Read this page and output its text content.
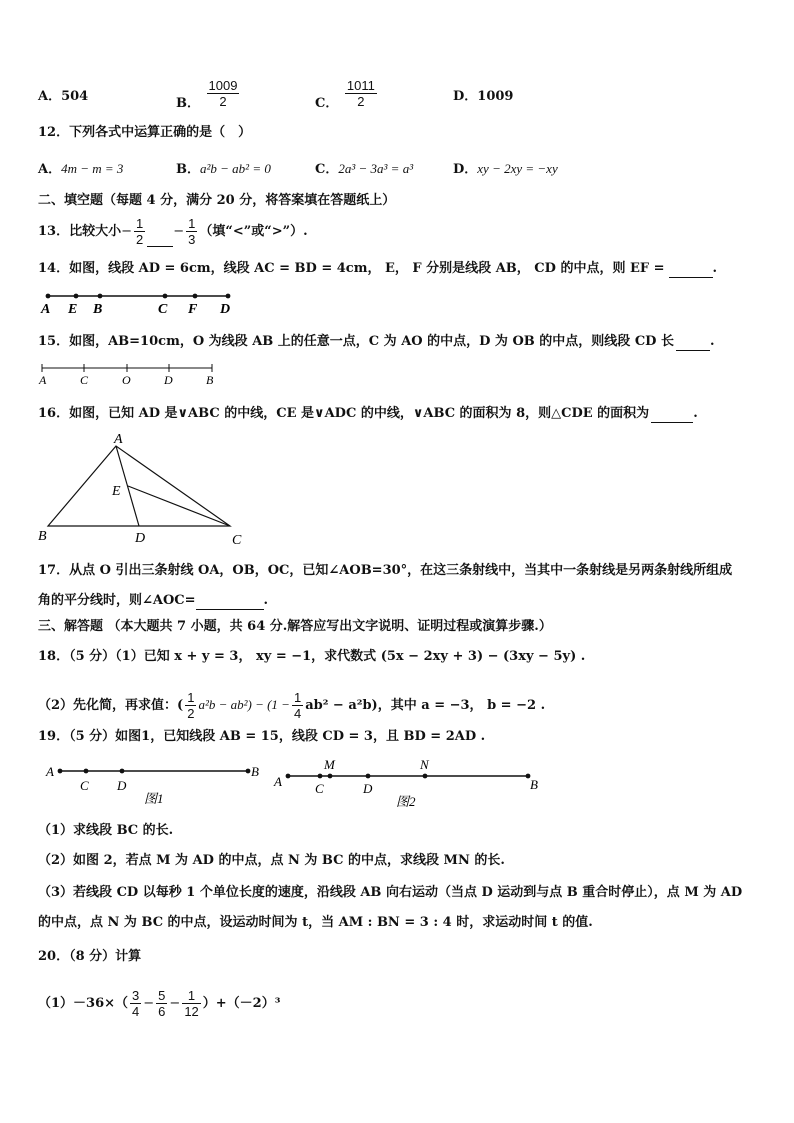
A．504	B． $\frac{1009}{2}$	C． $\frac{1011}{2}$	D．1009
12．下列各式中运算正确的是（　）
A．4m − m = 3	B．a²b − ab² = 0	C．2a³ − 3a³ = a³	D．xy − 2xy = −xy
二、填空题（每题 4 分，满分 20 分，将答案填在答题纸上）
13．比较大小− $\frac{1}{2} - \frac{1}{3}$ （填“<”或“>”）.
14．如图，线段 AD = 6cm，线段 AC = BD = 4cm， E， F 分别是线段 AB， CD 的中点，则 EF =	.
A E B	C F D
15．如图，AB=10cm，O 为线段 AB 上的任意一点，C 为 AO 的中点，D 为 OB 的中点，则线段 CD 长	.
A	C	O	D	B
16．如图，已知 AD 是∨ABC 的中线，CE 是∨ADC 的中线，∨ABC 的面积为 8，则△CDE 的面积为	.
A
E
B	D	C
17．从点 O 引出三条射线 OA，OB，OC，已知∠AOB=30°，在这三条射线中，当其中一条射线是另两条射线所组成
角的平分线时，则∠AOC=	.
三、解答题 （本大题共 7 小题，共 64 分.解答应写出文字说明、证明过程或演算步骤.）
18．（5 分）（1）已知 x + y = 3， xy = −1，求代数式 (5x − 2xy + 3) − (3xy − 5y) .
（2）先化简，再求值：( $\frac{1}{2} a^2b - ab^2) - (1 - \frac{1}{4} ab^2 - a^2b)$，其中 a = −3， b = −2 .
19．（5 分）如图1，已知线段 AB = 15，线段 CD = 3，且 BD = 2AD .
A
C D
B
图1
A
M
C	D
N
B
图2
（1）求线段 BC 的长.
（2）如图 2，若点 M 为 AD 的中点，点 N 为 BC 的中点，求线段 MN 的长.
（3）若线段 CD 以每秒 1 个单位长度的速度，沿线段 AB 向右运动（当点 D 运动到与点 B 重合时停止），点 M 为 AD
的中点，点 N 为 BC 的中点，设运动时间为 t，当 AM : BN = 3 : 4 时，求运动时间 t 的值.
20．（8 分）计算
$(1)-36\times( \frac{3}{4} - \frac{5}{6} - \frac{1}{12} )+(-2)^3$
